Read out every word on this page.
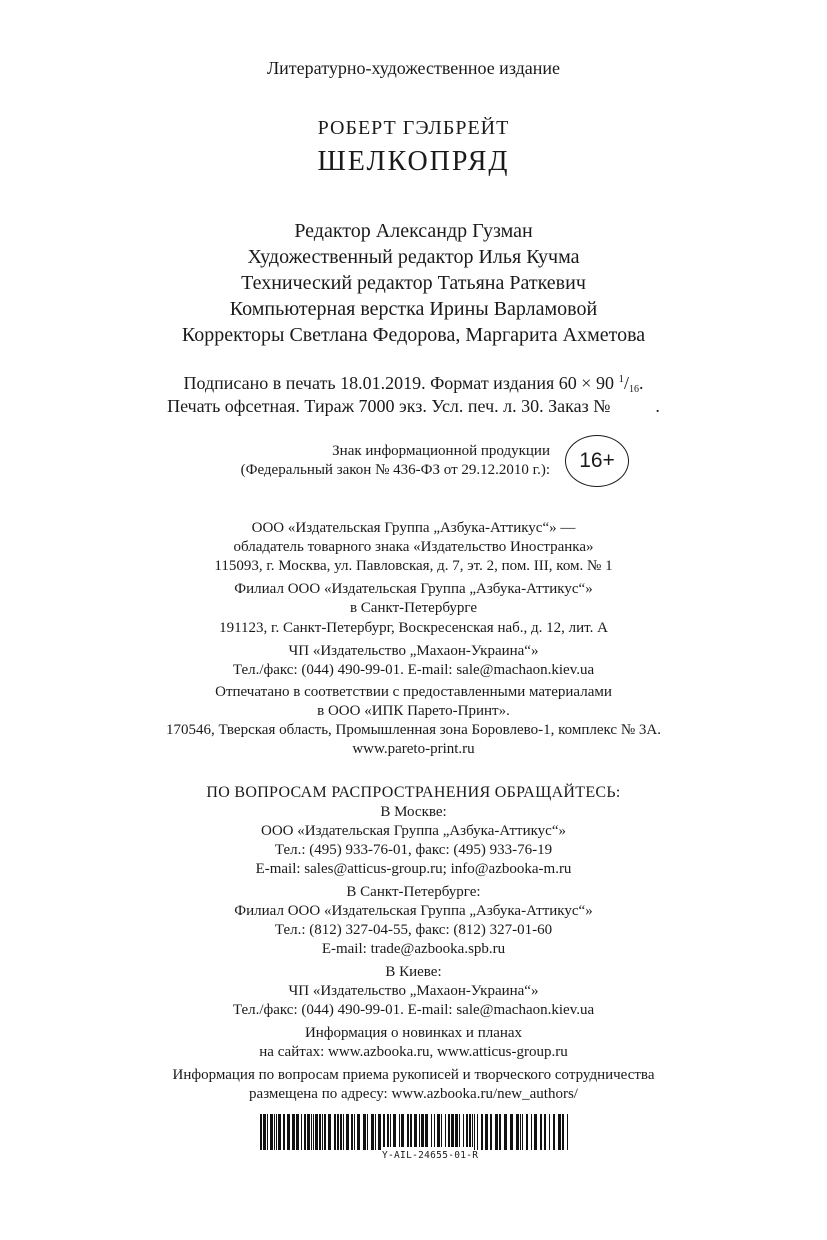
Литературно-художественное издание
РОБЕРТ ГЭЛБРЕЙТ
ШЕЛКОПРЯД
Редактор Александр Гузман
Художественный редактор Илья Кучма
Технический редактор Татьяна Раткевич
Компьютерная верстка Ирины Варламовой
Корректоры Светлана Федорова, Маргарита Ахметова
Подписано в печать 18.01.2019. Формат издания 60 × 90 $^1/_{16}$.
Печать офсетная. Тираж 7000 экз. Усл. печ. л. 30. Заказ №          .
Знак информационной продукции
(Федеральный закон № 436-ФЗ от 29.12.2010 г.):	16+
ООО «Издательская Группа „Азбука-Аттикус“» —
обладатель товарного знака «Издательство Иностранка»
115093, г. Москва, ул. Павловская, д. 7, эт. 2, пом. III, ком. № 1
Филиал ООО «Издательская Группа „Азбука-Аттикус“»
в Санкт-Петербурге
191123, г. Санкт-Петербург, Воскресенская наб., д. 12, лит. А
ЧП «Издательство „Махаон-Украина“»
Тел./факс: (044) 490-99-01. E-mail: sale@machaon.kiev.ua
Отпечатано в соответствии с предоставленными материалами
в ООО «ИПК Парето-Принт».
170546, Тверская область, Промышленная зона Боровлево-1, комплекс № 3А.
www.pareto-print.ru
ПО ВОПРОСАМ РАСПРОСТРАНЕНИЯ ОБРАЩАЙТЕСЬ:
В Москве:
ООО «Издательская Группа „Азбука-Аттикус“»
Тел.: (495) 933-76-01, факс: (495) 933-76-19
E-mail: sales@atticus-group.ru; info@azbooka-m.ru
В Санкт-Петербурге:
Филиал ООО «Издательская Группа „Азбука-Аттикус“»
Тел.: (812) 327-04-55, факс: (812) 327-01-60
E-mail: trade@azbooka.spb.ru
В Киеве:
ЧП «Издательство „Махаон-Украина“»
Тел./факс: (044) 490-99-01. E-mail: sale@machaon.kiev.ua
Информация о новинках и планах
на сайтах: www.azbooka.ru, www.atticus-group.ru
Информация по вопросам приема рукописей и творческого сотрудничества
размещена по адресу: www.azbooka.ru/new_authors/
Y-AIL-24655-01-R
